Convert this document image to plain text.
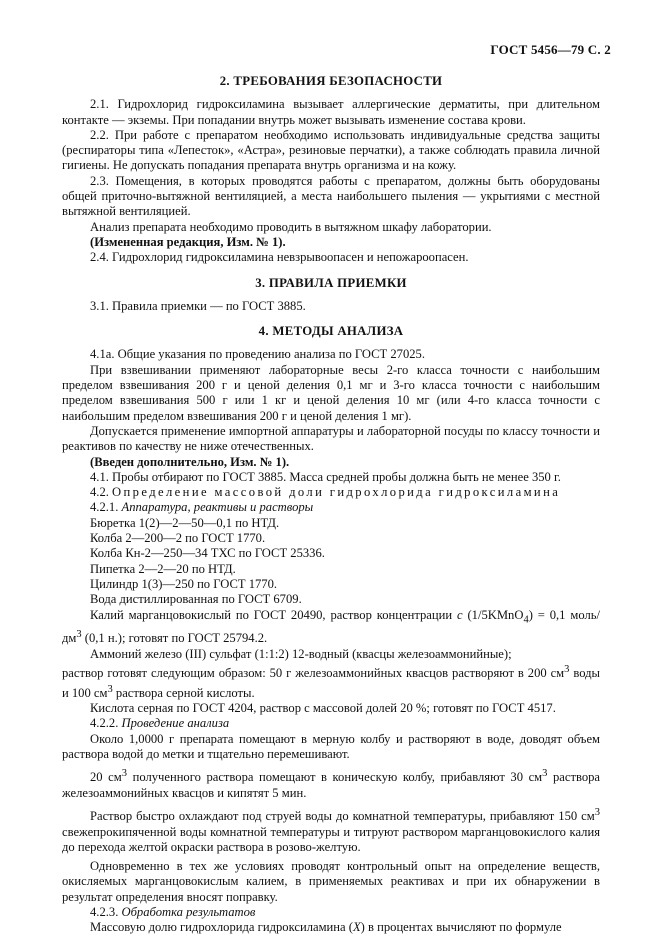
ГОСТ 5456—79 С. 2
2. ТРЕБОВАНИЯ БЕЗОПАСНОСТИ

2.1. Гидрохлорид гидроксиламина вызывает аллергические дерматиты, при длительном контакте — экземы. При попадании внутрь может вызывать изменение состава крови.

2.2. При работе с препаратом необходимо использовать индивидуальные средства защиты (респираторы типа «Лепесток», «Астра», резиновые перчатки), а также соблюдать правила личной гигиены. Не допускать попадания препарата внутрь организма и на кожу.

2.3. Помещения, в которых проводятся работы с препаратом, должны быть оборудованы общей приточно-вытяжной вентиляцией, а места наибольшего пыления — укрытиями с местной вытяжной вентиляцией.

Анализ препарата необходимо проводить в вытяжном шкафу лаборатории.

(Измененная редакция, Изм. № 1).

2.4. Гидрохлорид гидроксиламина невзрывоопасен и непожароопасен.

3. ПРАВИЛА ПРИЕМКИ

3.1. Правила приемки — по ГОСТ 3885.

4. МЕТОДЫ АНАЛИЗА

4.1а. Общие указания по проведению анализа по ГОСТ 27025.

При взвешивании применяют лабораторные весы 2-го класса точности с наибольшим пределом взвешивания 200 г и ценой деления 0,1 мг и 3-го класса точности с наибольшим пределом взвешивания 500 г или 1 кг и ценой деления 10 мг (или 4-го класса точности с наибольшим пределом взвешивания 200 г и ценой деления 1 мг).

Допускается применение импортной аппаратуры и лабораторной посуды по классу точности и реактивов по качеству не ниже отечественных.

(Введен дополнительно, Изм. № 1).

4.1. Пробы отбирают по ГОСТ 3885. Масса средней пробы должна быть не менее 350 г.

4.2. Определение массовой доли гидрохлорида гидроксиламина

4.2.1. Аппаратура, реактивы и растворы

Бюретка 1(2)—2—50—0,1 по НТД.

Колба 2—200—2 по ГОСТ 1770.

Колба Кн-2—250—34 ТХС по ГОСТ 25336.

Пипетка 2—2—20 по НТД.

Цилиндр 1(3)—250 по ГОСТ 1770.

Вода дистиллированная по ГОСТ 6709.

Калий марганцовокислый по ГОСТ 20490, раствор концентрации с (1/5KMnO$_4$) = 0,1 моль/$дм^3$ (0,1 н.); готовят по ГОСТ 25794.2.

Аммоний железо (III) сульфат (1:1:2) 12-водный (квасцы железоаммонийные);

раствор готовят следующим образом: 50 г железоаммонийных квасцов растворяют в 200 $см^3$ воды и 100 $см^3$ раствора серной кислоты.

Кислота серная по ГОСТ 4204, раствор с массовой долей 20 %; готовят по ГОСТ 4517.

4.2.2. Проведение анализа

Около 1,0000 г препарата помещают в мерную колбу и растворяют в воде, доводят объем раствора водой до метки и тщательно перемешивают.

20 $см^3$ полученного раствора помещают в коническую колбу, прибавляют 30 $см^3$ раствора железоаммонийных квасцов и кипятят 5 мин.

Раствор быстро охлаждают под струей воды до комнатной температуры, прибавляют 150 $см^3$ свежепрокипяченной воды комнатной температуры и титруют раствором марганцовокислого калия до перехода желтой окраски раствора в розово-желтую.

Одновременно в тех же условиях проводят контрольный опыт на определение веществ, окисляемых марганцовокислым калием, в применяемых реактивах и при их обнаружении в результат определения вносят поправку.

4.2.3. Обработка результатов

Массовую долю гидрохлорида гидроксиламина (X) в процентах вычисляют по формуле
